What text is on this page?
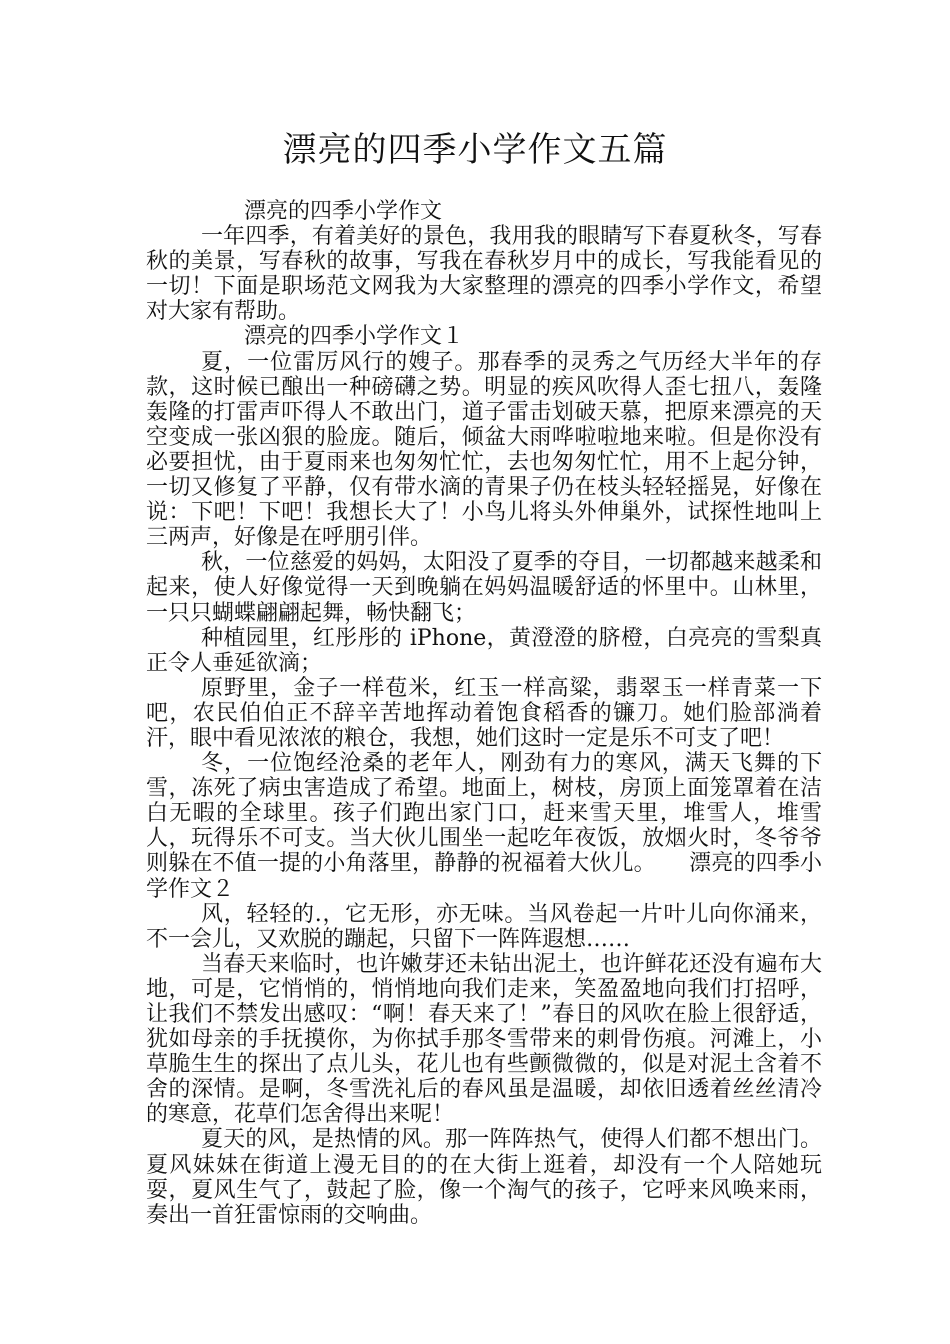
漂亮的四季小学作文五篇

漂亮的四季小学作文

一年四季，有着美好的景色，我用我的眼睛写下春夏秋冬，写春秋的美景，写春秋的故事，写我在春秋岁月中的成长，写我能看见的一切！下面是职场范文网我为大家整理的漂亮的四季小学作文，希望对大家有帮助。

漂亮的四季小学作文１

夏，一位雷厉风行的嫂子。那春季的灵秀之气历经大半年的存款，这时候已酿出一种磅礴之势。明显的疾风吹得人歪七扭八，轰隆轰隆的打雷声吓得人不敢出门，道子雷击划破天慕，把原来漂亮的天空变成一张凶狠的脸庞。随后，倾盆大雨哗啦啦地来啦。但是你没有必要担忧，由于夏雨来也匆匆忙忙，去也匆匆忙忙，用不上起分钟，一切又修复了平静，仅有带水滴的青果子仍在枝头轻轻摇晃，好像在说：下吧！下吧！我想长大了！小鸟儿将头外伸巢外，试探性地叫上三两声，好像是在呼朋引伴。

秋，一位慈爱的妈妈，太阳没了夏季的夺目，一切都越来越柔和起来，使人好像觉得一天到晚躺在妈妈温暖舒适的怀里中。山林里，一只只蝴蝶翩翩起舞，畅快翻飞；

种植园里，红彤彤的 iPhone，黄澄澄的脐橙，白亮亮的雪梨真正令人垂延欲滴；

原野里，金子一样苞米，红玉一样高粱，翡翠玉一样青菜一下吧，农民伯伯正不辞辛苦地挥动着饱食稻香的镰刀。她们脸部淌着汗，眼中看见浓浓的粮仓，我想，她们这时一定是乐不可支了吧！

冬，一位饱经沧桑的老年人，刚劲有力的寒风，满天飞舞的下雪，冻死了病虫害造成了希望。地面上，树枝，房顶上面笼罩着在洁白无暇的全球里。孩子们跑出家门口，赶来雪天里，堆雪人，堆雪人，玩得乐不可支。当大伙儿围坐一起吃年夜饭，放烟火时，冬爷爷则躲在不值一提的小角落里，静静的祝福着大伙儿。　　漂亮的四季小学作文２

风，轻轻的.，它无形，亦无味。当风卷起一片叶儿向你涌来，不一会儿，又欢脱的蹦起，只留下一阵阵遐想……

当春天来临时，也许嫩芽还未钻出泥土，也许鲜花还没有遍布大地，可是，它悄悄的，悄悄地向我们走来，笑盈盈地向我们打招呼，让我们不禁发出感叹：“啊！春天来了！”春日的风吹在脸上很舒适，犹如母亲的手抚摸你，为你拭手那冬雪带来的刺骨伤痕。河滩上，小草脆生生的探出了点儿头，花儿也有些颤微微的，似是对泥土含着不舍的深情。是啊，冬雪洗礼后的春风虽是温暖，却依旧透着丝丝清冷的寒意，花草们怎舍得出来呢！

夏天的风，是热情的风。那一阵阵热气，使得人们都不想出门。夏风妹妹在街道上漫无目的的在大街上逛着，却没有一个人陪她玩耍，夏风生气了，鼓起了脸，像一个淘气的孩子，它呼来风唤来雨，奏出一首狂雷惊雨的交响曲。
